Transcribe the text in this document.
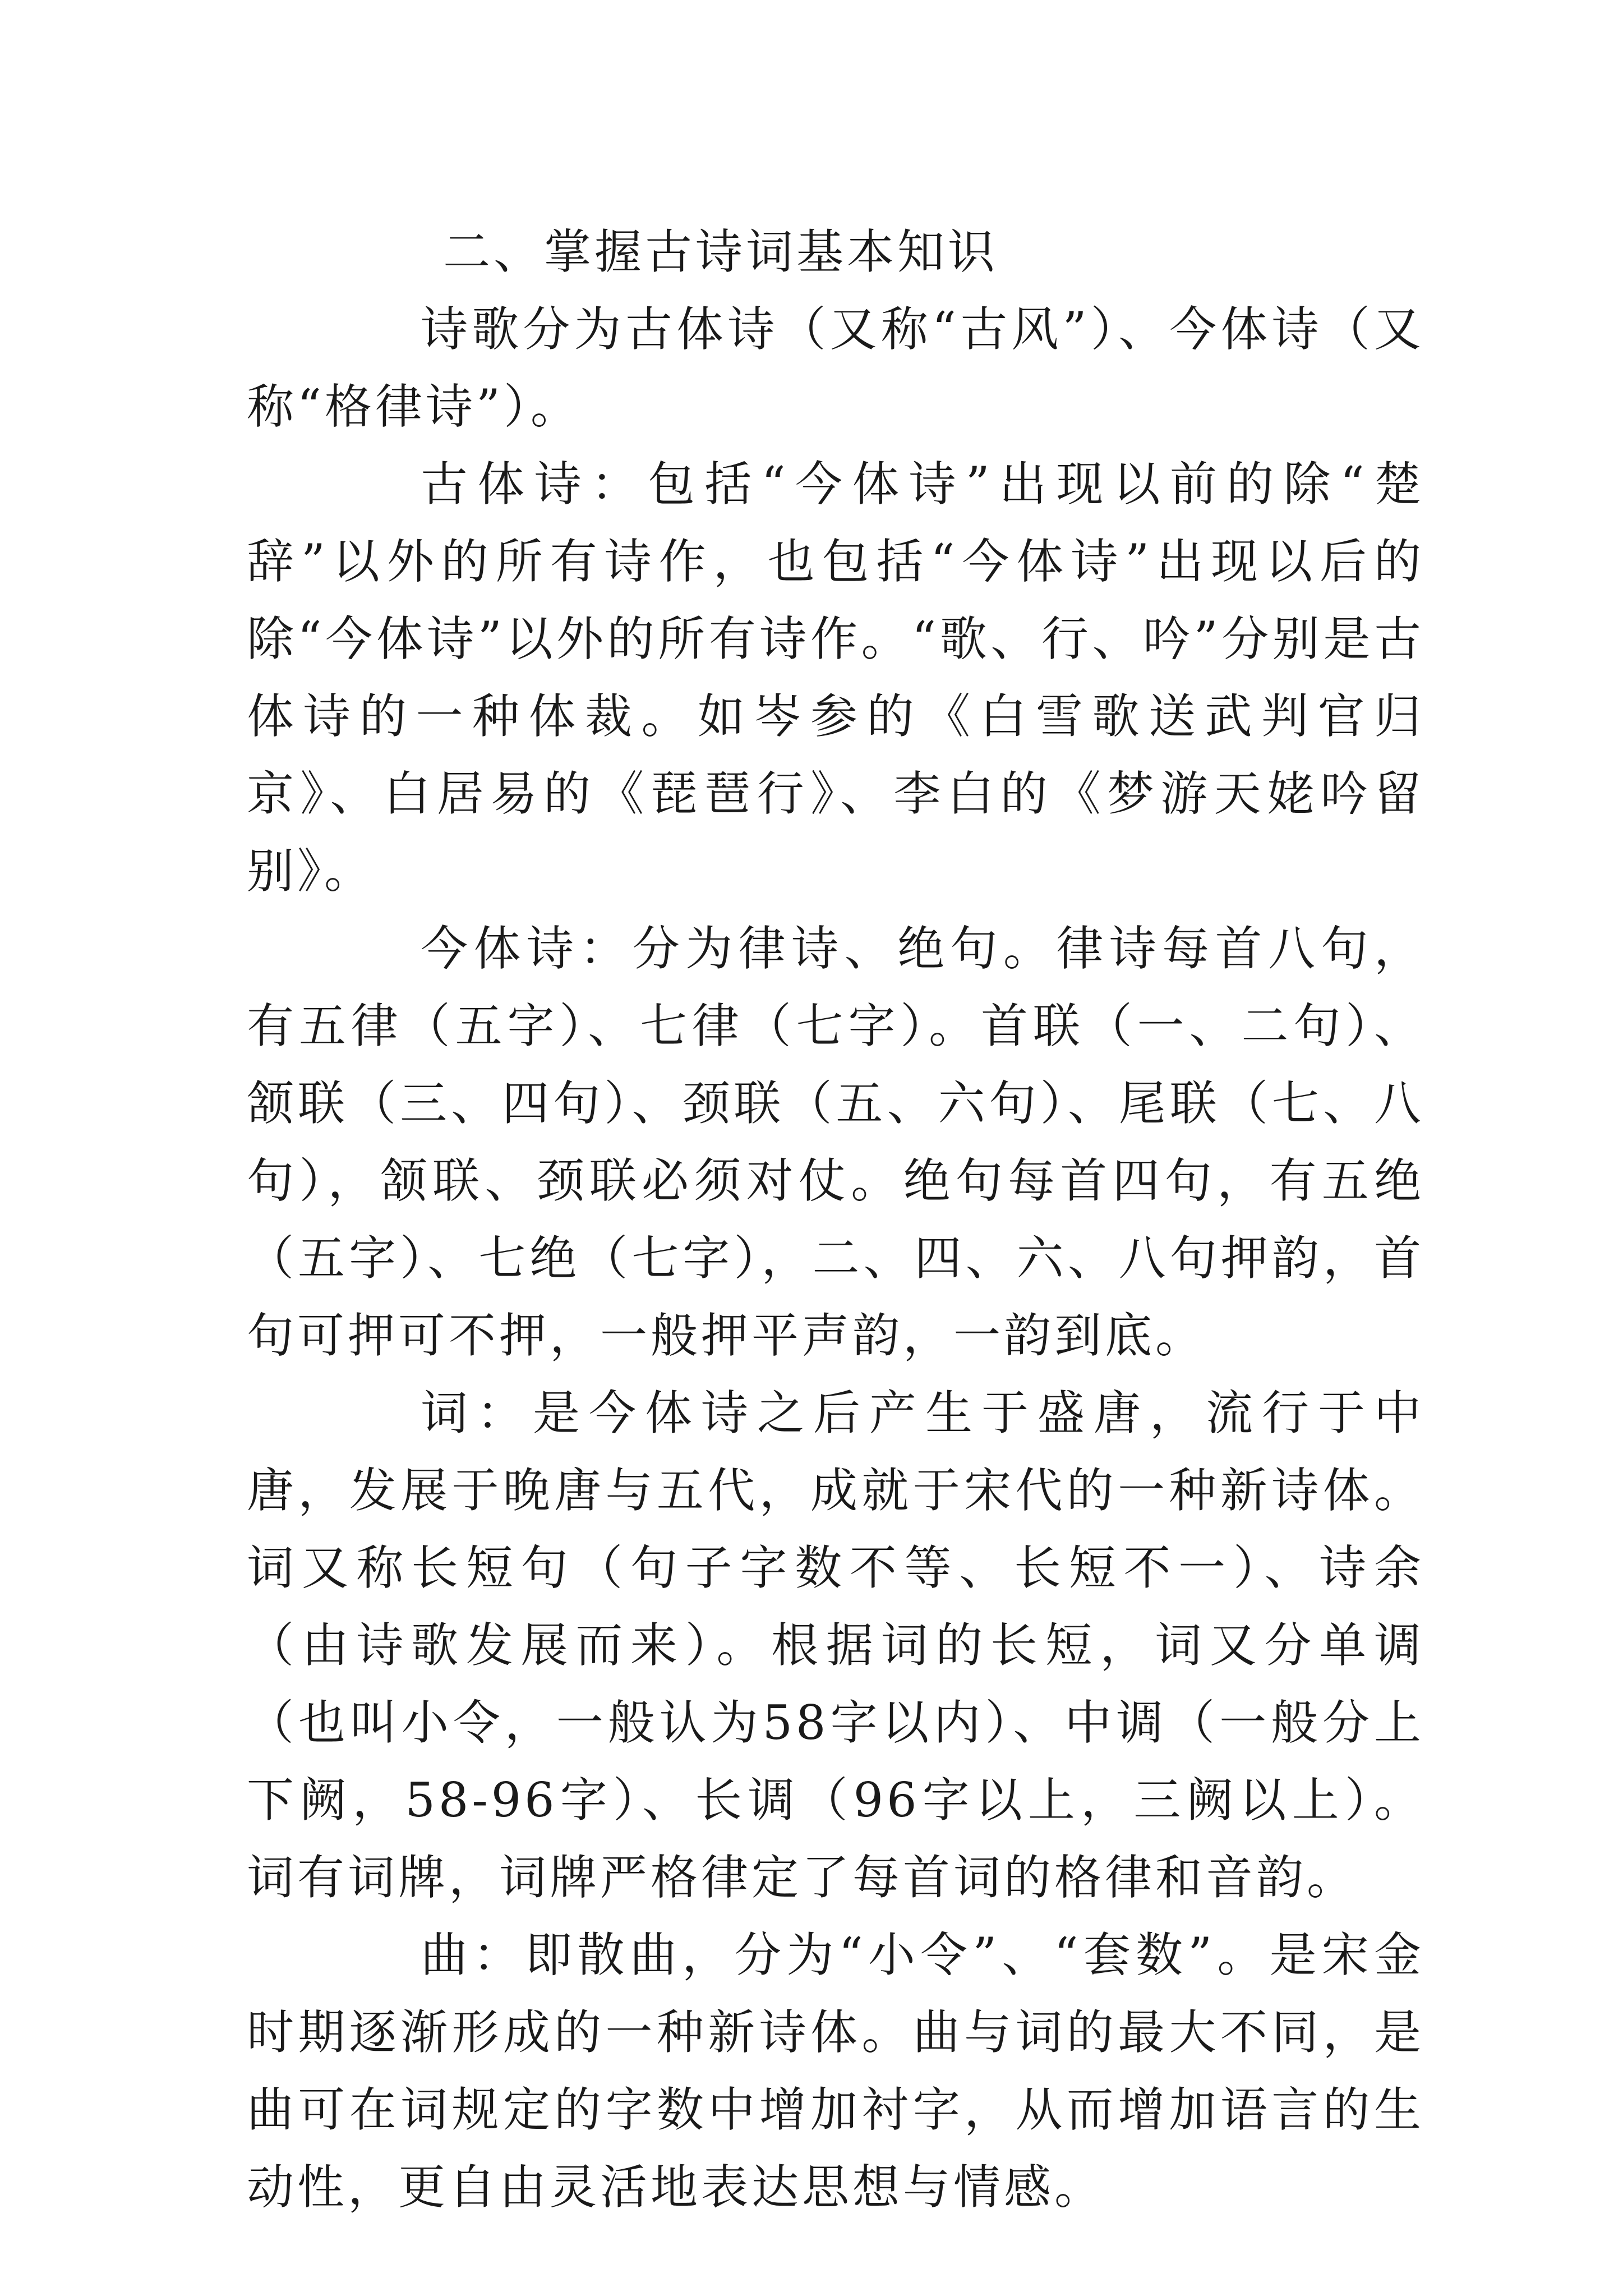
二、掌握古诗词基本知识

诗歌分为古体诗（又称“古风”）、今体诗（又称“格律诗”）。

古体诗：包括“今体诗”出现以前的除“楚辞”以外的所有诗作，也包括“今体诗”出现以后的除“今体诗”以外的所有诗作。“歌、行、吟”分别是古体诗的一种体裁。如岑参的《白雪歌送武判官归京》、白居易的《琵琶行》、李白的《梦游天姥吟留别》。

今体诗：分为律诗、绝句。律诗每首八句，有五律（五字）、七律（七字）。首联（一、二句）、颔联（三、四句）、颈联（五、六句）、尾联（七、八句），颔联、颈联必须对仗。绝句每首四句，有五绝（五字）、七绝（七字），二、四、六、八句押韵，首句可押可不押，一般押平声韵，一韵到底。

词：是今体诗之后产生于盛唐，流行于中唐，发展于晚唐与五代，成就于宋代的一种新诗体。词又称长短句（句子字数不等、长短不一）、诗余（由诗歌发展而来）。根据词的长短，词又分单调（也叫小令，一般认为58字以内）、中调（一般分上下阙，58-96字）、长调（96字以上，三阙以上）。词有词牌，词牌严格律定了每首词的格律和音韵。

曲：即散曲，分为“小令”、“套数”。是宋金时期逐渐形成的一种新诗体。曲与词的最大不同，是曲可在词规定的字数中增加衬字，从而增加语言的生动性，更自由灵活地表达思想与情感。
